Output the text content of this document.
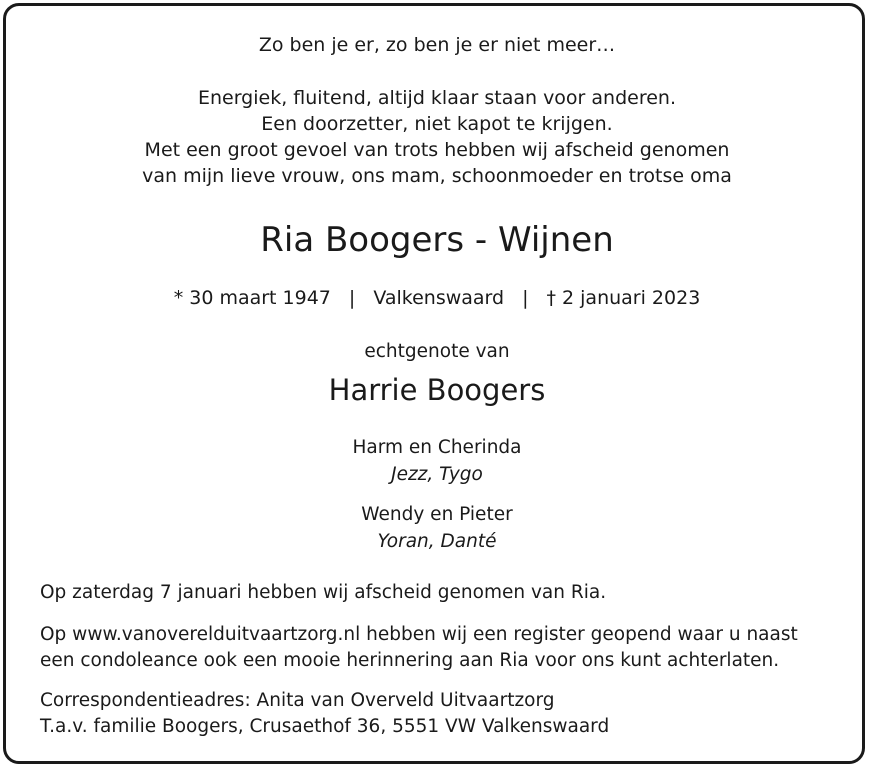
Zo ben je er, zo ben je er niet meer…
Energiek, fluitend, altijd klaar staan voor anderen.
Een doorzetter, niet kapot te krijgen.
Met een groot gevoel van trots hebben wij afscheid genomen
van mijn lieve vrouw, ons mam, schoonmoeder en trotse oma
Ria Boogers - Wijnen
* 30 maart 1947 | Valkenswaard | † 2 januari 2023
echtgenote van
Harrie Boogers
Harm en Cherinda
Jezz, Tygo
Wendy en Pieter
Yoran, Danté
Op zaterdag 7 januari hebben wij afscheid genomen van Ria.
Op www.vanoverelduitvaartzorg.nl hebben wij een register geopend waar u naast
een condoleance ook een mooie herinnering aan Ria voor ons kunt achterlaten.
Correspondentieadres: Anita van Overveld Uitvaartzorg
T.a.v. familie Boogers, Crusaethof 36, 5551 VW Valkenswaard
